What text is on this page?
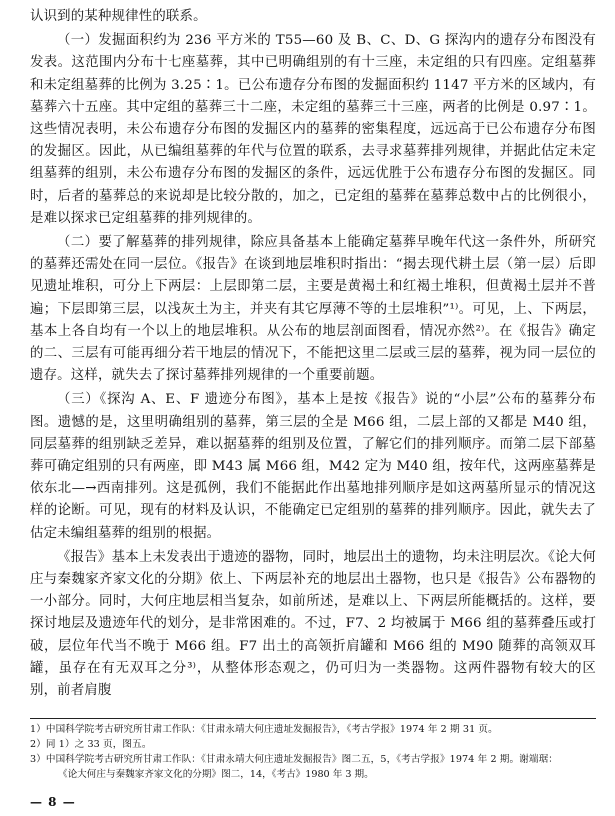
认识到的某种规律性的联系。

（一）发掘面积约为 236 平方米的 T55—60 及 B、C、D、G 探沟内的遗存分布图没有发表。这范围内分布十七座墓葬，其中已明确组别的有十三座，未定组的只有四座。定组墓葬和未定组墓葬的比例为 3.25∶1。已公布遗存分布图的发掘面积约 1147 平方米的区域内，有墓葬六十五座。其中定组的墓葬三十二座，未定组的墓葬三十三座，两者的比例是 0.97∶1。这些情况表明，未公布遗存分布图的发掘区内的墓葬的密集程度，远远高于已公布遗存分布图的发掘区。因此，从已编组墓葬的年代与位置的联系，去寻求墓葬排列规律，并据此估定未定组墓葬的组别，未公布遗存分布图的发掘区的条件，远远优胜于公布遗存分布图的发掘区。同时，后者的墓葬总的来说却是比较分散的，加之，已定组的墓葬在墓葬总数中占的比例很小，是难以探求已定组墓葬的排列规律的。

（二）要了解墓葬的排列规律，除应具备基本上能确定墓葬早晚年代这一条件外，所研究的墓葬还需处在同一层位。《报告》在谈到地层堆积时指出：“揭去现代耕土层（第一层）后即见遗址堆积，可分上下两层：上层即第二层，主要是黄褐土和红褐土堆积，但黄褐土层并不普遍；下层即第三层，以浅灰土为主，并夹有其它厚薄不等的土层堆积”¹⁾。可见，上、下两层，基本上各自均有一个以上的地层堆积。从公布的地层剖面图看，情况亦然²⁾。在《报告》确定的二、三层有可能再细分若干地层的情况下，不能把这里二层或三层的墓葬，视为同一层位的遗存。这样，就失去了探讨墓葬排列规律的一个重要前题。

（三）《探沟 A、E、F 遗迹分布图》，基本上是按《报告》说的“小层”公布的墓葬分布图。遗憾的是，这里明确组别的墓葬，第三层的全是 M66 组，二层上部的又都是 M40 组，同层墓葬的组别缺乏差异，难以据墓葬的组别及位置，了解它们的排列顺序。而第二层下部墓葬可确定组别的只有两座，即 M43 属 M66 组，M42 定为 M40 组，按年代，这两座墓葬是依东北—→西南排列。这是孤例，我们不能据此作出墓地排列顺序是如这两墓所显示的情况这样的论断。可见，现有的材料及认识，不能确定已定组别的墓葬的排列顺序。因此，就失去了估定未编组墓葬的组别的根据。

《报告》基本上未发表出于遗迹的器物，同时，地层出土的遗物，均未注明层次。《论大何庄与秦魏家齐家文化的分期》依上、下两层补充的地层出土器物，也只是《报告》公布器物的一小部分。同时，大何庄地层相当复杂，如前所述，是难以上、下两层所能概括的。这样，要探讨地层及遗迹年代的划分，是非常困难的。不过，F7、2 均被属于 M66 组的墓葬叠压或打破，层位年代当不晚于 M66 组。F7 出土的高领折肩罐和 M66 组的 M90 随葬的高领双耳罐，虽存在有无双耳之分³⁾，从整体形态观之，仍可归为一类器物。这两件器物有较大的区别，前者肩腹

1）中国科学院考古研究所甘肃工作队：《甘肃永靖大何庄遗址发掘报告》，《考古学报》1974 年 2 期 31 页。

2）同 1）之 33 页，图五。

3）中国科学院考古研究所甘肃工作队：《甘肃永靖大何庄遗址发掘报告》图二五，5，《考古学报》1974 年 2 期。谢端琚：

《论大何庄与秦魏家齐家文化的分期》图二，14，《考古》1980 年 3 期。

— 8 —
